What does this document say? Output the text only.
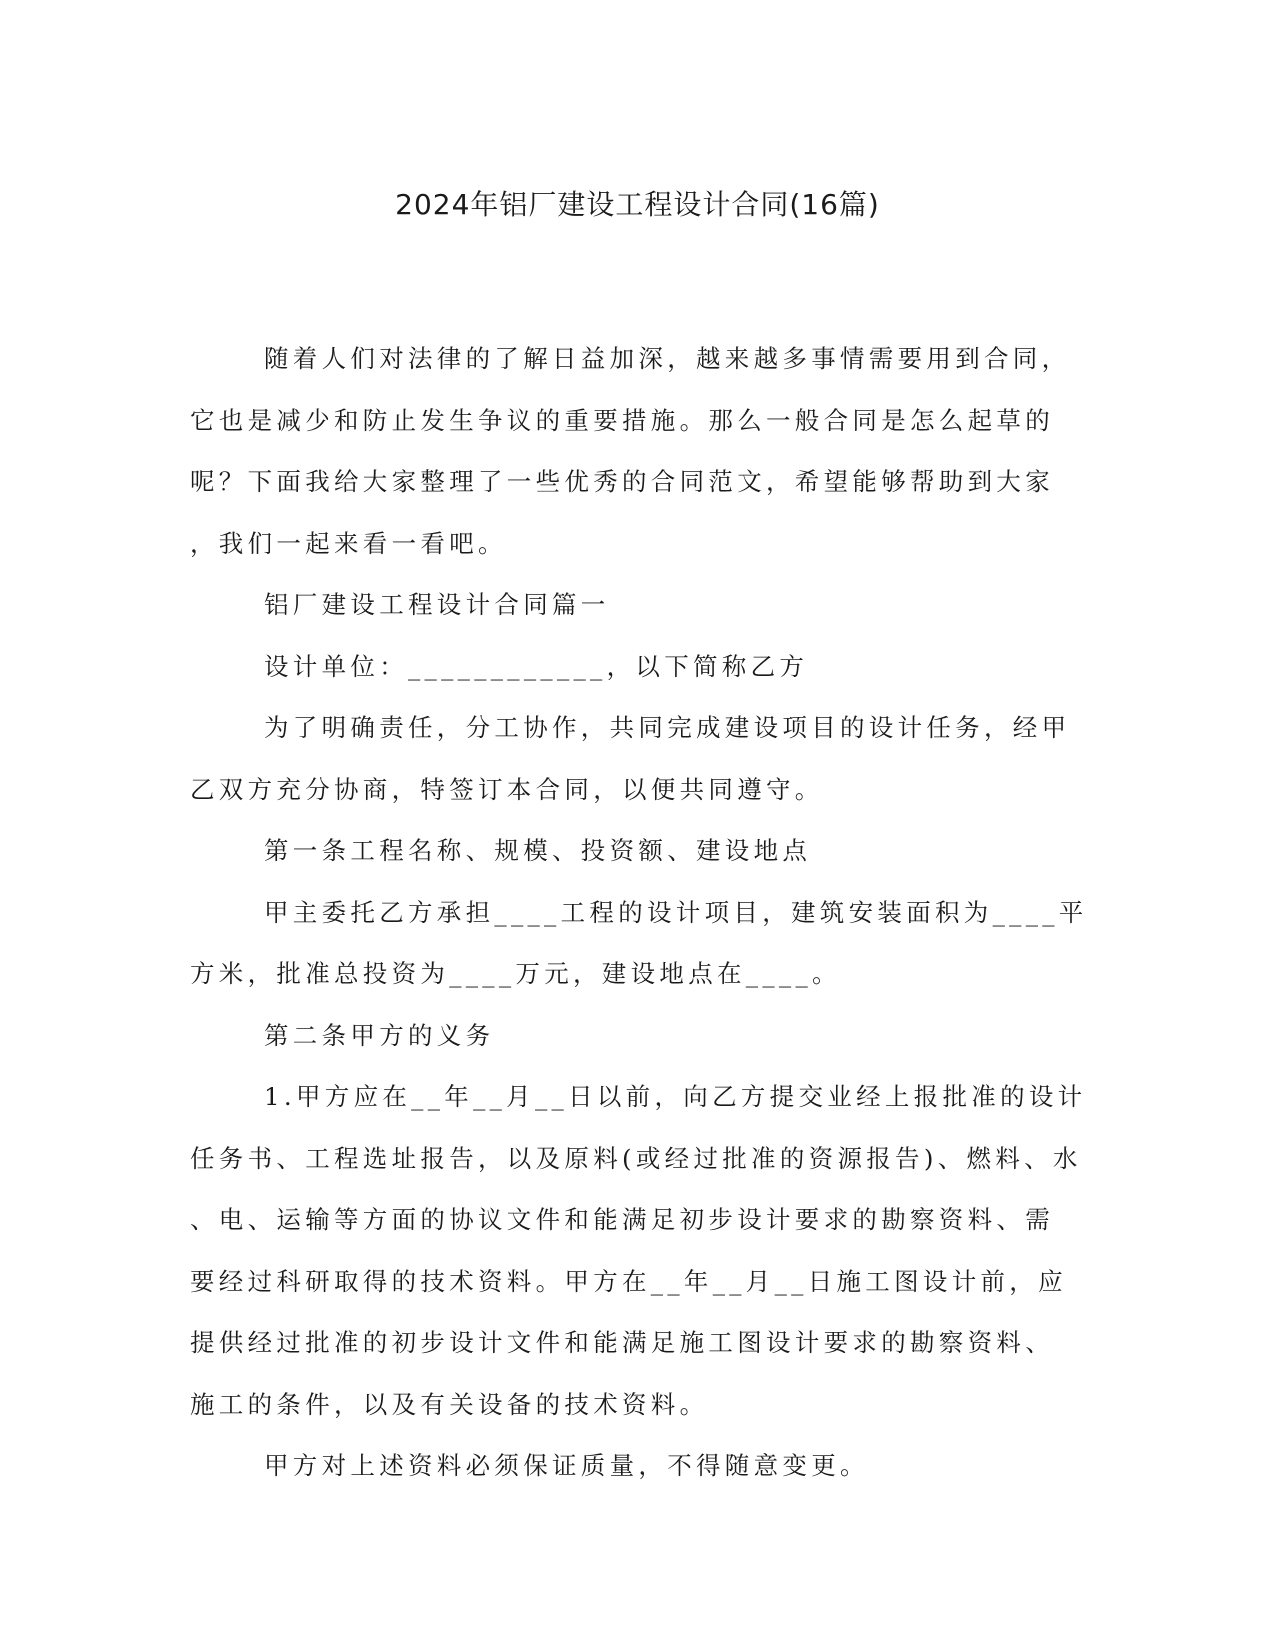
2024年铝厂建设工程设计合同(16篇)

随着人们对法律的了解日益加深，越来越多事情需要用到合同，

它也是减少和防止发生争议的重要措施。那么一般合同是怎么起草的

呢？下面我给大家整理了一些优秀的合同范文，希望能够帮助到大家

，我们一起来看一看吧。

铝厂建设工程设计合同篇一

设计单位：____________，以下简称乙方

为了明确责任，分工协作，共同完成建设项目的设计任务，经甲

乙双方充分协商，特签订本合同，以便共同遵守。

第一条工程名称、规模、投资额、建设地点

甲主委托乙方承担____工程的设计项目，建筑安装面积为____平

方米，批准总投资为____万元，建设地点在____。

第二条甲方的义务

1.甲方应在__年__月__日以前，向乙方提交业经上报批准的设计

任务书、工程选址报告，以及原料(或经过批准的资源报告)、燃料、水

、电、运输等方面的协议文件和能满足初步设计要求的勘察资料、需

要经过科研取得的技术资料。甲方在__年__月__日施工图设计前，应

提供经过批准的初步设计文件和能满足施工图设计要求的勘察资料、

施工的条件，以及有关设备的技术资料。

甲方对上述资料必须保证质量，不得随意变更。
